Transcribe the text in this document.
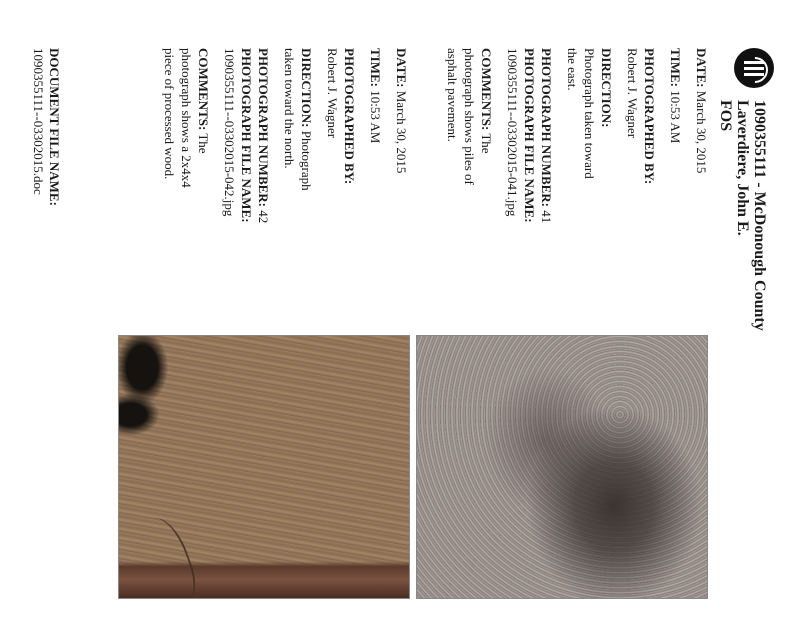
1090355111 - McDonough County
Laverdiere, John E.
FOS
DATE: March 30, 2015
TIME: 10:53 AM
PHOTOGRAPHED BY:
Robert J. Wagner
DIRECTION: Photograph taken toward the east.
PHOTOGRAPH NUMBER: 41
PHOTOGRAPH FILE NAME:
1090355111--03302015-041.jpg
COMMENTS: The photograph shows piles of asphalt pavement.
DATE: March 30, 2015
TIME: 10:53 AM
PHOTOGRAPHED BY:
Robert J. Wagner
DIRECTION: Photograph taken toward the north.
PHOTOGRAPH NUMBER: 42
PHOTOGRAPH FILE NAME:
1090355111--03302015-042.jpg
COMMENTS: The photograph shows a 2x4x4 piece of processed wood.
DOCUMENT FILE NAME:
1090355111--03302015.doc
